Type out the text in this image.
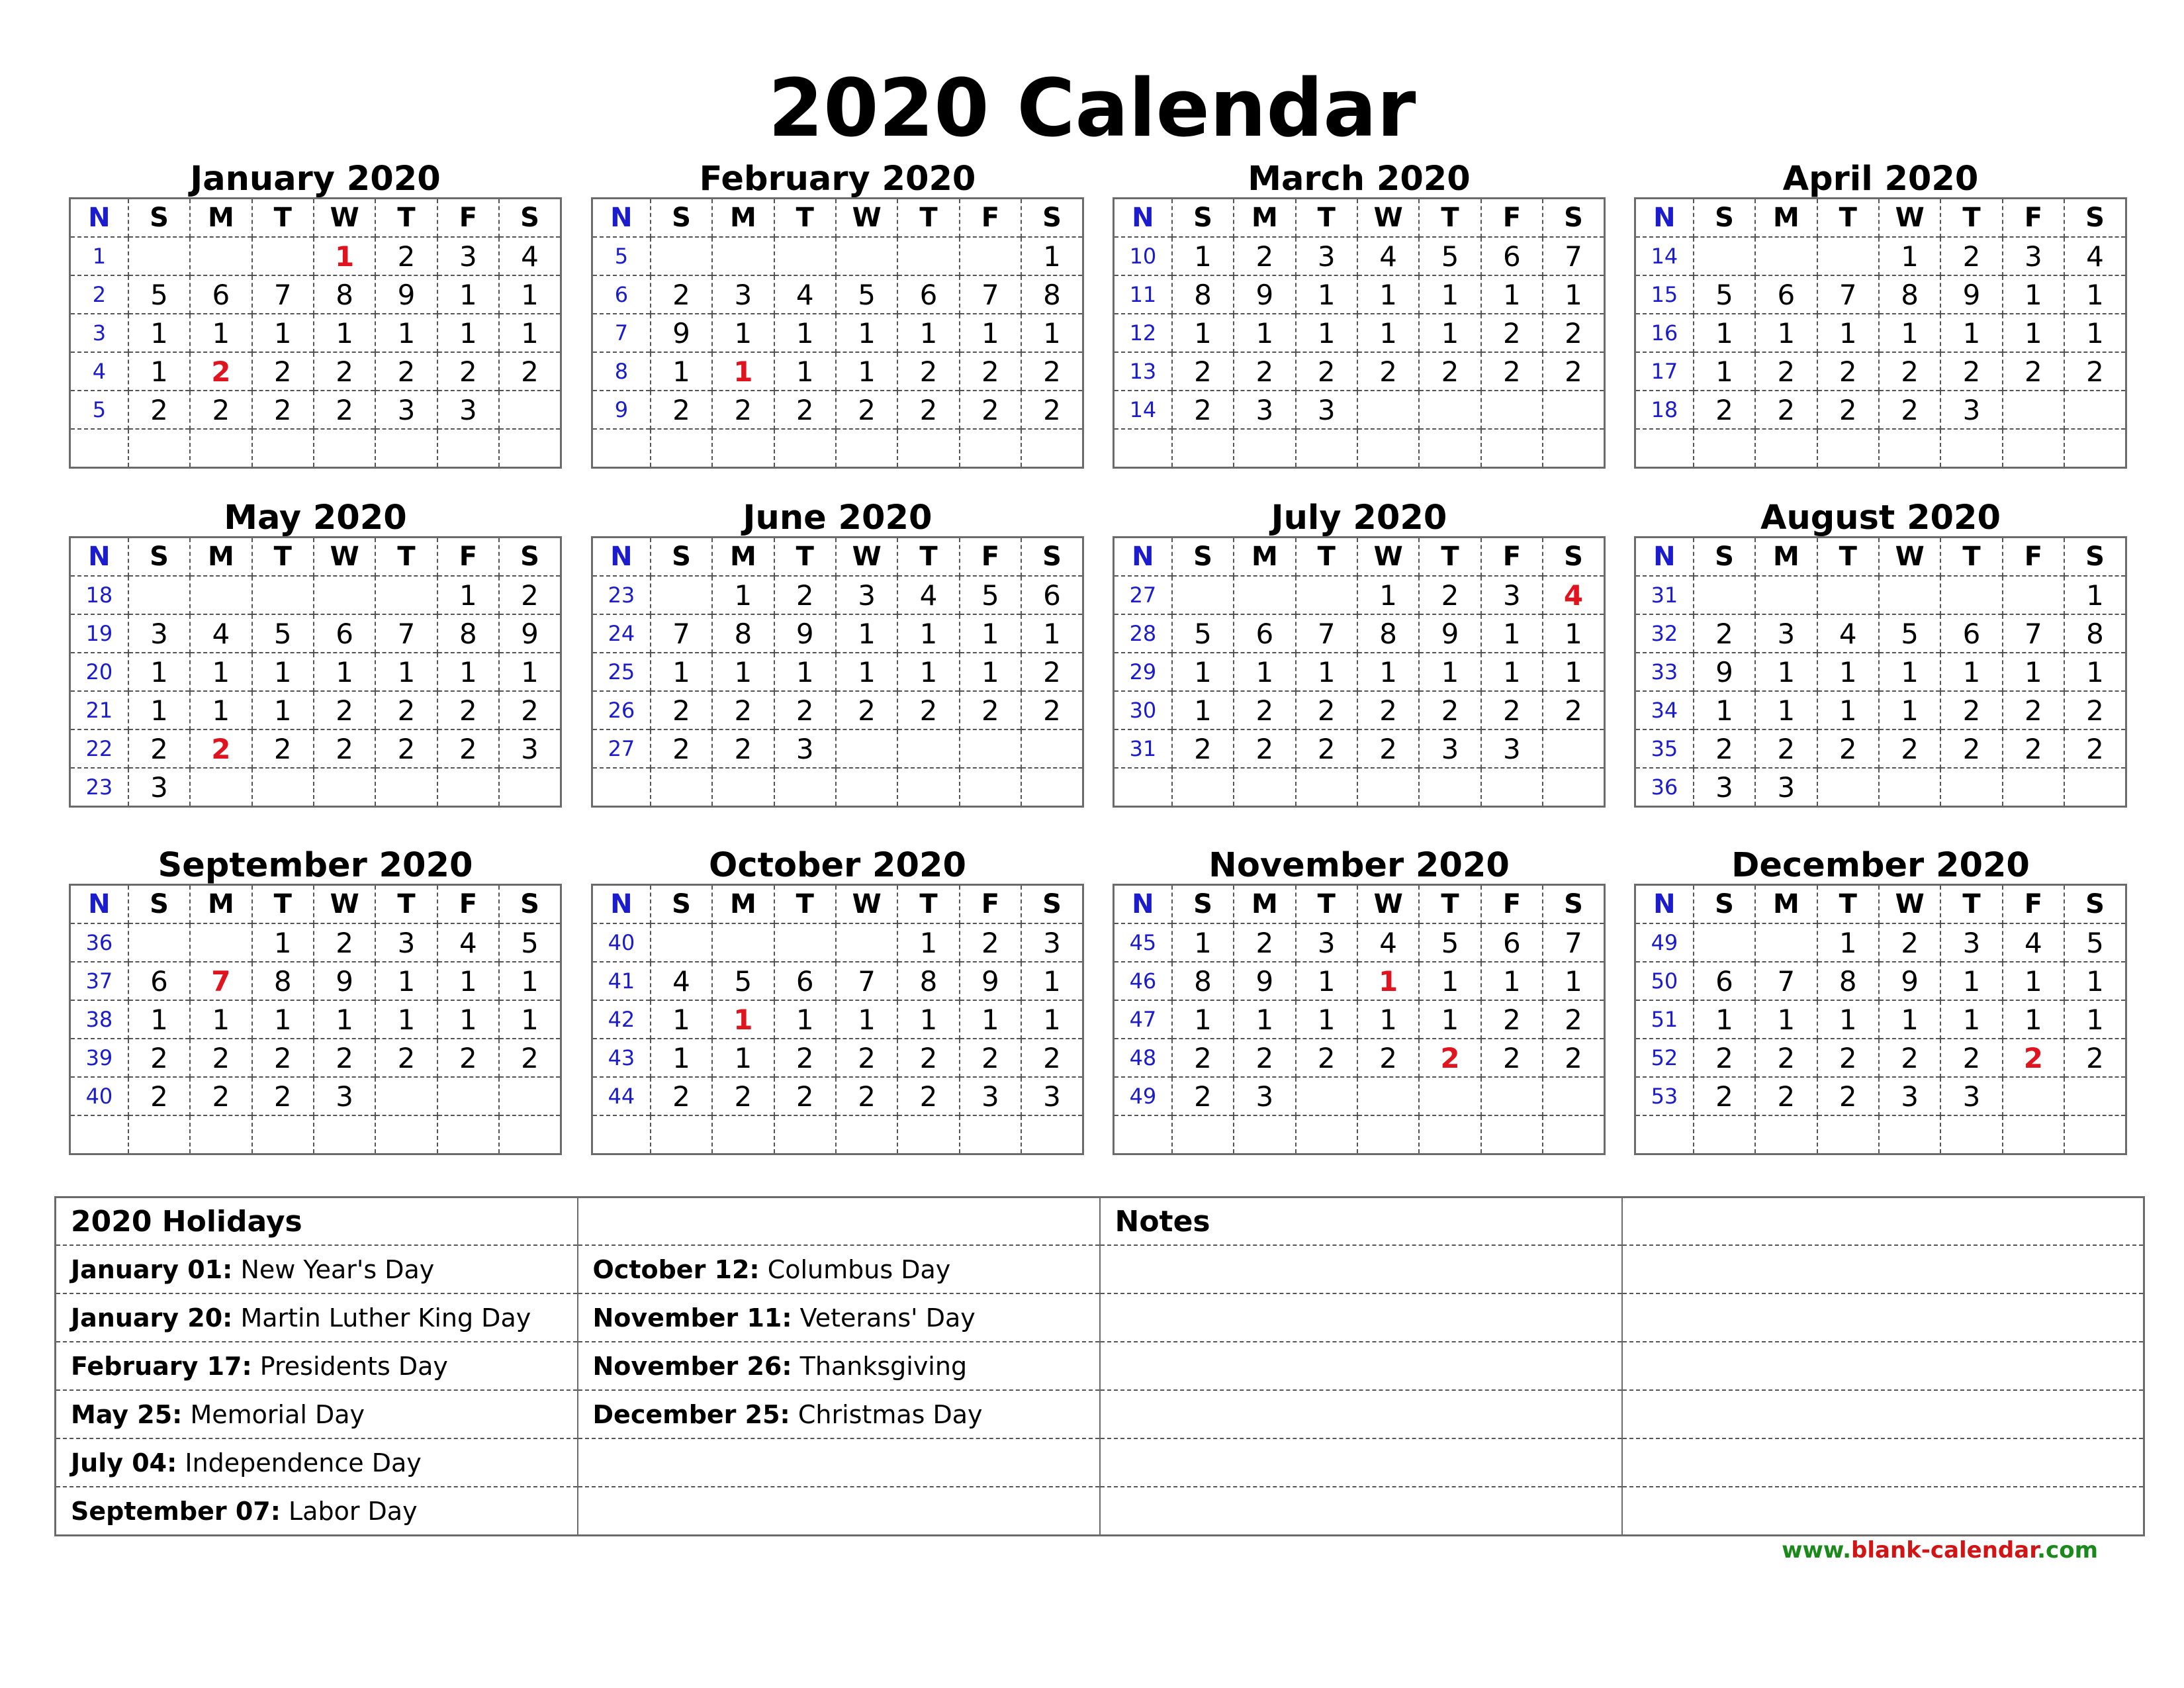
2020 Calendar
January 2020
N	S	M	T	W	T	F	S
1				1	2	3	4
2	5	6	7	8	9	1	1
3	1	1	1	1	1	1	1
4	1	2	2	2	2	2	2
5	2	2	2	2	3	3	

February 2020
N	S	M	T	W	T	F	S
5							1
6	2	3	4	5	6	7	8
7	9	1	1	1	1	1	1
8	1	1	1	1	2	2	2
9	2	2	2	2	2	2	2

March 2020
N	S	M	T	W	T	F	S
10	1	2	3	4	5	6	7
11	8	9	1	1	1	1	1
12	1	1	1	1	1	2	2
13	2	2	2	2	2	2	2
14	2	3	3				

April 2020
N	S	M	T	W	T	F	S
14				1	2	3	4
15	5	6	7	8	9	1	1
16	1	1	1	1	1	1	1
17	1	2	2	2	2	2	2
18	2	2	2	2	3		

May 2020
N	S	M	T	W	T	F	S
18						1	2
19	3	4	5	6	7	8	9
20	1	1	1	1	1	1	1
21	1	1	1	2	2	2	2
22	2	2	2	2	2	2	3
23	3						
June 2020
N	S	M	T	W	T	F	S
23		1	2	3	4	5	6
24	7	8	9	1	1	1	1
25	1	1	1	1	1	1	2
26	2	2	2	2	2	2	2
27	2	2	3				

July 2020
N	S	M	T	W	T	F	S
27				1	2	3	4
28	5	6	7	8	9	1	1
29	1	1	1	1	1	1	1
30	1	2	2	2	2	2	2
31	2	2	2	2	3	3	

August 2020
N	S	M	T	W	T	F	S
31							1
32	2	3	4	5	6	7	8
33	9	1	1	1	1	1	1
34	1	1	1	1	2	2	2
35	2	2	2	2	2	2	2
36	3	3					
September 2020
N	S	M	T	W	T	F	S
36			1	2	3	4	5
37	6	7	8	9	1	1	1
38	1	1	1	1	1	1	1
39	2	2	2	2	2	2	2
40	2	2	2	3			

October 2020
N	S	M	T	W	T	F	S
40					1	2	3
41	4	5	6	7	8	9	1
42	1	1	1	1	1	1	1
43	1	1	2	2	2	2	2
44	2	2	2	2	2	3	3

November 2020
N	S	M	T	W	T	F	S
45	1	2	3	4	5	6	7
46	8	9	1	1	1	1	1
47	1	1	1	1	1	2	2
48	2	2	2	2	2	2	2
49	2	3					

December 2020
N	S	M	T	W	T	F	S
49			1	2	3	4	5
50	6	7	8	9	1	1	1
51	1	1	1	1	1	1	1
52	2	2	2	2	2	2	2
53	2	2	2	3	3		

2020 Holidays		Notes	
January 01: New Year's Day	October 12: Columbus Day		
January 20: Martin Luther King Day	November 11: Veterans' Day		
February 17: Presidents Day	November 26: Thanksgiving		
May 25: Memorial Day	December 25: Christmas Day		
July 04: Independence Day			
September 07: Labor Day			
www.blank-calendar.com
